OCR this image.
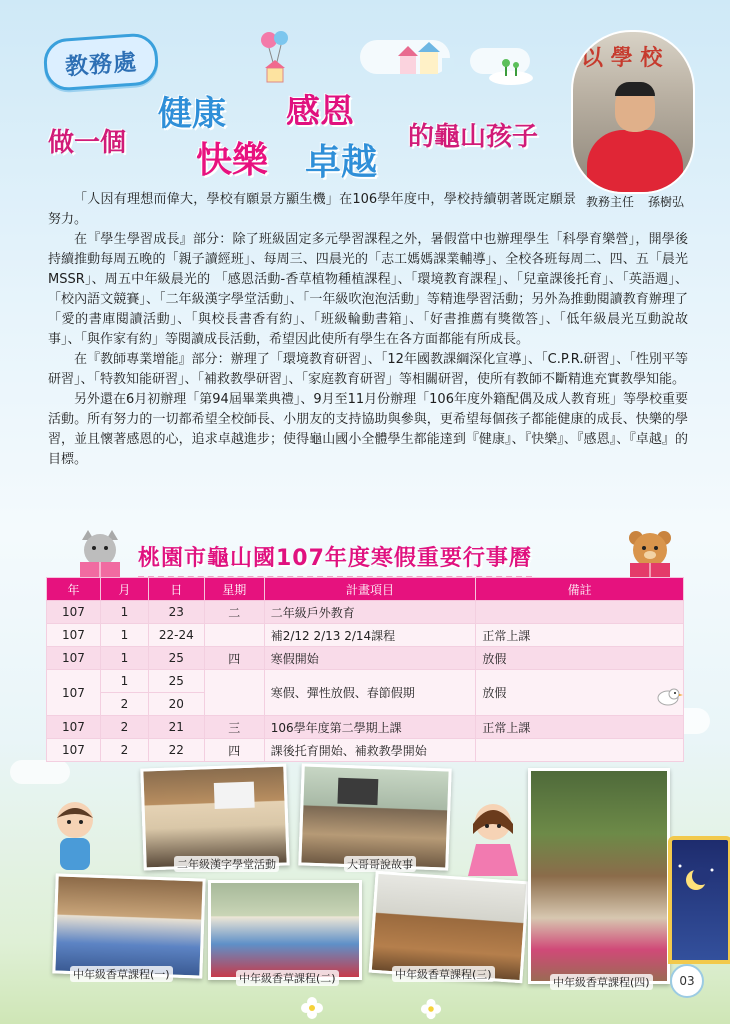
教務處
做一個
健康 感恩
快樂 卓越
的龜山孩子
以 學 校
教務主任 孫樹弘

「人因有理想而偉大，學校有願景方顯生機」在106學年度中，學校持續朝著既定願景努力。

在『學生學習成長』部分：除了班級固定多元學習課程之外，暑假當中也辦理學生「科學育樂營」，開學後持續推動每周五晚的「親子讀經班」、每周三、四晨光的「志工媽媽課業輔導」、全校各班每周二、四、五「晨光MSSR」、周五中年級晨光的 「感恩活動-香草植物種植課程」、「環境教育課程」、「兒童課後托育」、「英語週」、「校內語文競賽」、「二年級漢字學堂活動」、「一年級吹泡泡活動」等精進學習活動；另外為推動閱讀教育辦理了「愛的書庫閱讀活動」、「與校長書香有約」、「班級輪動書箱」、「好書推薦有獎徵答」、「低年級晨光互動說故事」、「與作家有約」等閱讀成長活動，希望因此使所有學生在各方面都能有所成長。

在『教師專業增能』部分：辦理了「環境教育研習」、「12年國教課綱深化宣導」、「C.P.R.研習」、「性別平等研習」、「特教知能研習」、「補救教學研習」、「家庭教育研習」等相關研習，使所有教師不斷精進充實教學知能。

另外還在6月初辦理「第94屆畢業典禮」、9月至11月份辦理「106年度外籍配偶及成人教育班」等學校重要活動。所有努力的一切都希望全校師長、小朋友的支持協助與參與，更希望每個孩子都能健康的成長、快樂的學習，並且懷著感恩的心，追求卓越進步；使得龜山國小全體學生都能達到『健康』、『快樂』、『感恩』、『卓越』的目標。

桃園市龜山國107年度寒假重要行事曆
年	月	日	星期	計畫項目	備註
107	1	23	二	二年級戶外教育	
107	1	22-24		補2/12 2/13 2/14課程	正常上課
107	1	25	四	寒假開始	放假
107	1	25		寒假、彈性放假、春節假期	放假
	2	20			
107	2	21	三	106學年度第二學期上課	正常上課
107	2	22	四	課後托育開始、補救教學開始	
二年級漢字學堂活動	大哥哥說故事
中年級香草課程(一)	中年級香草課程(二)	中年級香草課程(三)
中年級香草課程(四)	03
